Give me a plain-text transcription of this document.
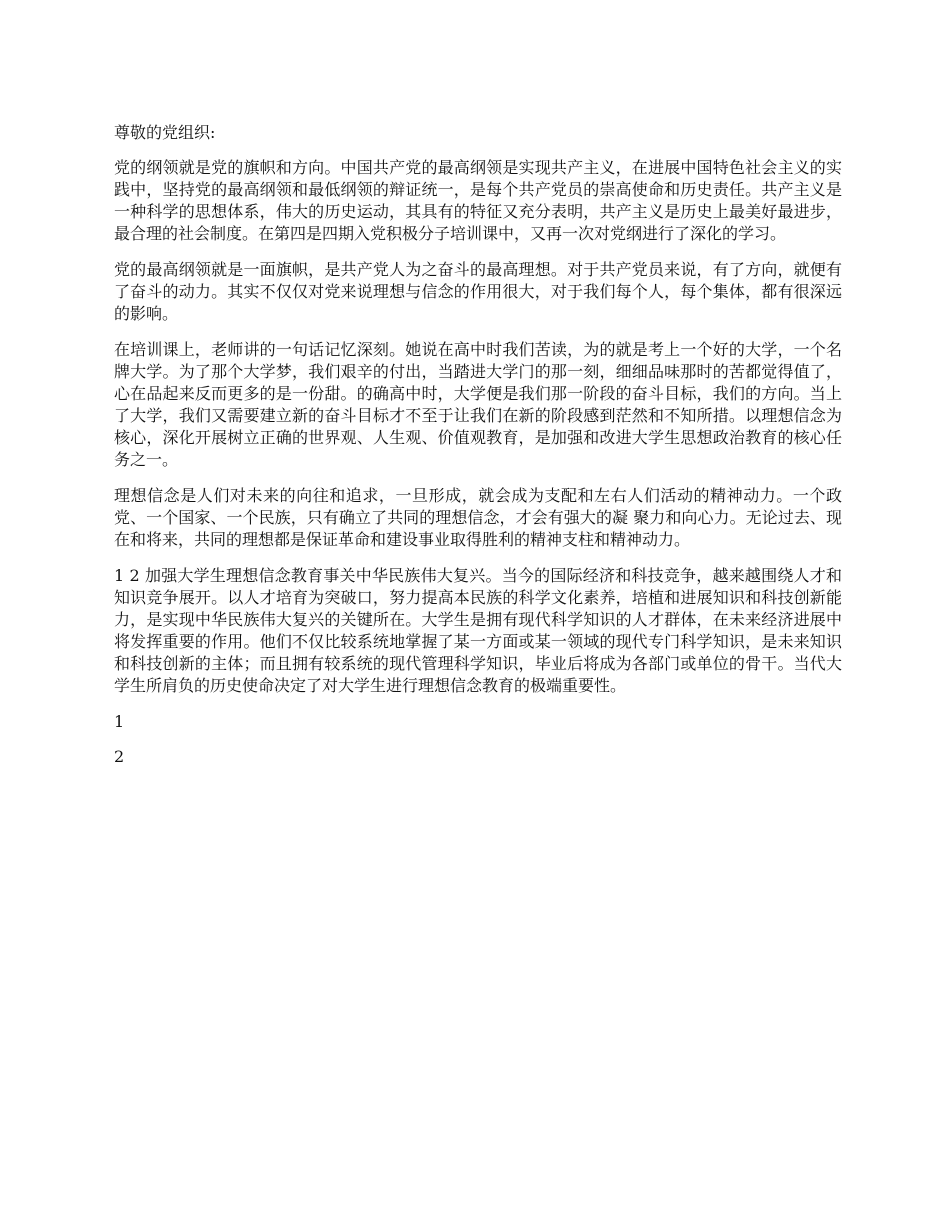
尊敬的党组织:

党的纲领就是党的旗帜和方向。中国共产党的最高纲领是实现共产主义，在进展中国特色社会主义的实践中，坚持党的最高纲领和最低纲领的辩证统一，是每个共产党员的崇高使命和历史责任。共产主义是一种科学的思想体系，伟大的历史运动，其具有的特征又充分表明，共产主义是历史上最美好最进步，最合理的社会制度。在第四是四期入党积极分子培训课中，又再一次对党纲进行了深化的学习。

党的最高纲领就是一面旗帜，是共产党人为之奋斗的最高理想。对于共产党员来说，有了方向，就便有了奋斗的动力。其实不仅仅对党来说理想与信念的作用很大，对于我们每个人，每个集体，都有很深远的影响。

在培训课上，老师讲的一句话记忆深刻。她说在高中时我们苦读，为的就是考上一个好的大学，一个名牌大学。为了那个大学梦，我们艰辛的付出，当踏进大学门的那一刻，细细品味那时的苦都觉得值了，心在品起来反而更多的是一份甜。的确高中时，大学便是我们那一阶段的奋斗目标，我们的方向。当上了大学，我们又需要建立新的奋斗目标才不至于让我们在新的阶段感到茫然和不知所措。以理想信念为核心，深化开展树立正确的世界观、人生观、价值观教育，是加强和改进大学生思想政治教育的核心任务之一。

理想信念是人们对未来的向往和追求，一旦形成，就会成为支配和左右人们活动的精神动力。一个政党、一个国家、一个民族，只有确立了共同的理想信念，才会有强大的凝 聚力和向心力。无论过去、现在和将来，共同的理想都是保证革命和建设事业取得胜利的精神支柱和精神动力。

1 2 加强大学生理想信念教育事关中华民族伟大复兴。当今的国际经济和科技竞争，越来越围绕人才和知识竞争展开。以人才培育为突破口，努力提高本民族的科学文化素养，培植和进展知识和科技创新能力，是实现中华民族伟大复兴的关键所在。大学生是拥有现代科学知识的人才群体，在未来经济进展中将发挥重要的作用。他们不仅比较系统地掌握了某一方面或某一领域的现代专门科学知识，是未来知识和科技创新的主体；而且拥有较系统的现代管理科学知识，毕业后将成为各部门或单位的骨干。当代大学生所肩负的历史使命决定了对大学生进行理想信念教育的极端重要性。

1

2
